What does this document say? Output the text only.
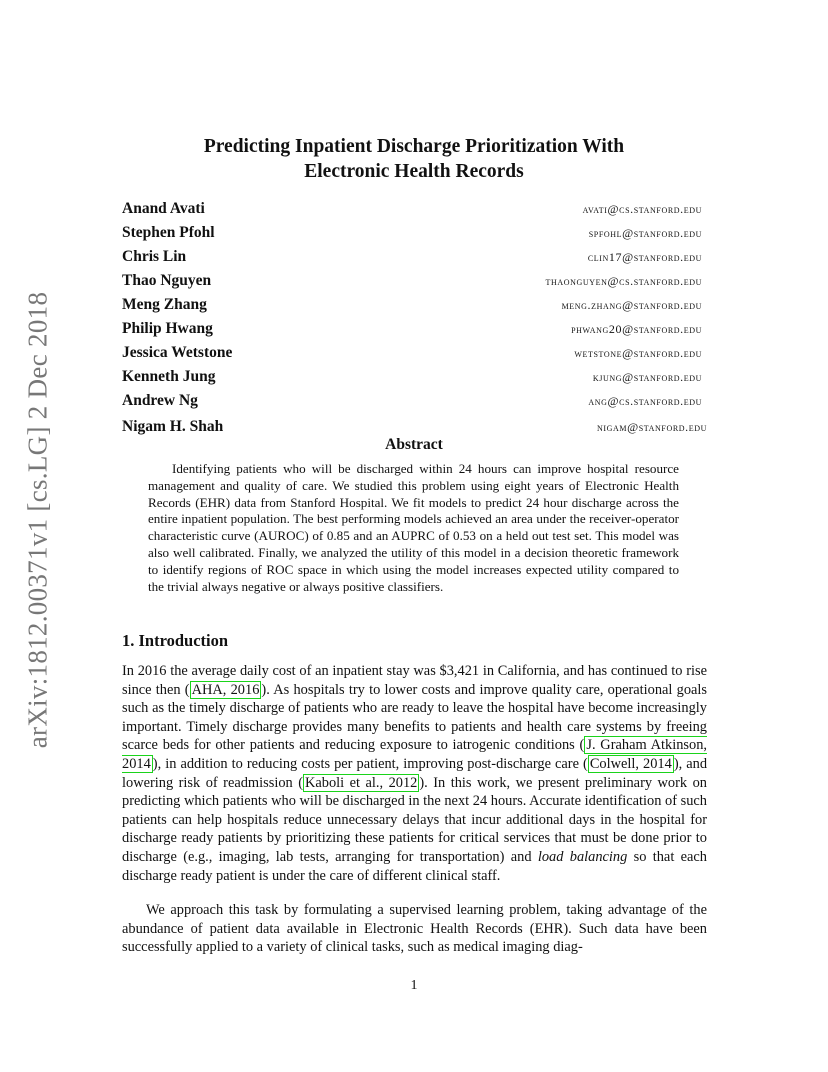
arXiv:1812.00371v1 [cs.LG] 2 Dec 2018
Predicting Inpatient Discharge Prioritization With
Electronic Health Records
Anand Avati	avati@cs.stanford.edu
Stephen Pfohl	spfohl@stanford.edu
Chris Lin	clin17@stanford.edu
Thao Nguyen	thaonguyen@cs.stanford.edu
Meng Zhang	meng.zhang@stanford.edu
Philip Hwang	phwang20@stanford.edu
Jessica Wetstone	wetstone@stanford.edu
Kenneth Jung	kjung@stanford.edu
Andrew Ng	ang@cs.stanford.edu
Nigam H. Shah	nigam@stanford.edu
Abstract

Identifying patients who will be discharged within 24 hours can improve hospital resource management and quality of care. We studied this problem using eight years of Electronic Health Records (EHR) data from Stanford Hospital. We fit models to predict 24 hour discharge across the entire inpatient population. The best performing models achieved an area under the receiver-operator characteristic curve (AUROC) of 0.85 and an AUPRC of 0.53 on a held out test set. This model was also well calibrated. Finally, we analyzed the utility of this model in a decision theoretic framework to identify regions of ROC space in which using the model increases expected utility compared to the trivial always negative or always positive classifiers.

1. Introduction

In 2016 the average daily cost of an inpatient stay was $3,421 in California, and has continued to rise since then ( AHA, 2016 ). As hospitals try to lower costs and improve quality care, operational goals such as the timely discharge of patients who are ready to leave the hospital have become increasingly important. Timely discharge provides many benefits to patients and health care systems by freeing scarce beds for other patients and reducing exposure to iatrogenic conditions ( J. Graham Atkinson, 2014 ), in addition to reducing costs per patient, improving post-discharge care ( Colwell, 2014 ), and lowering risk of readmission ( Kaboli et al., 2012 ). In this work, we present preliminary work on predicting which patients who will be discharged in the next 24 hours. Accurate identification of such patients can help hospitals reduce unnecessary delays that incur additional days in the hospital for discharge ready patients by prioritizing these patients for critical services that must be done prior to discharge (e.g., imaging, lab tests, arranging for transportation) and load balancing so that each discharge ready patient is under the care of different clinical staff.

We approach this task by formulating a supervised learning problem, taking advantage of the abundance of patient data available in Electronic Health Records (EHR). Such data have been successfully applied to a variety of clinical tasks, such as medical imaging diag-

1
